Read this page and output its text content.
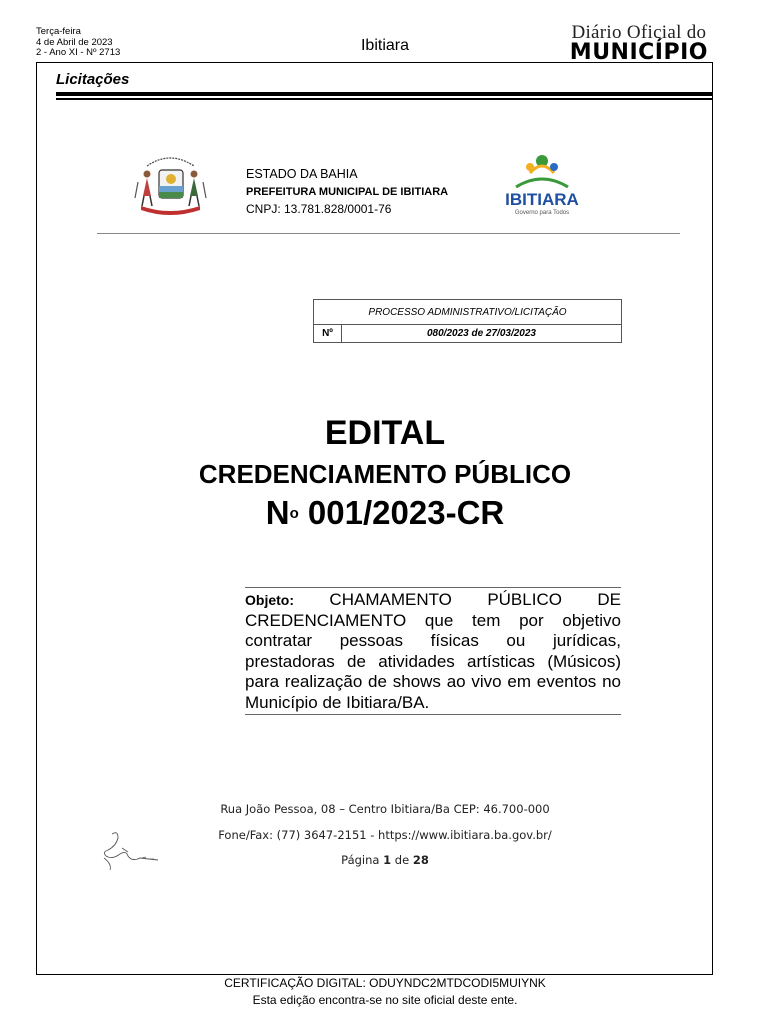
Terça-feira
4 de Abril de 2023
2 - Ano XI - Nº 2713	Ibitiara
Diário Oficial do
MUNICÍPIO
Licitações
ESTADO DA BAHIA
PREFEITURA MUNICIPAL DE IBITIARA
CNPJ: 13.781.828/0001-76	IBITIARA
Governo para Todos
PROCESSO ADMINISTRATIVO/LICITAÇÃO
Nº	080/2023 de 27/03/2023
EDITAL
CREDENCIAMENTO PÚBLICO
$N^o$ 001/2023-CR
Objeto: CHAMAMENTO PÚBLICO DE CREDENCIAMENTO que tem por objetivo contratar pessoas físicas ou jurídicas, prestadoras de atividades artísticas (Músicos) para realização de shows ao vivo em eventos no Município de Ibitiara/BA.
Rua João Pessoa, 08 – Centro Ibitiara/Ba CEP: 46.700-000
Fone/Fax: (77) 3647-2151 - https://www.ibitiara.ba.gov.br/
Página 1 de 28
CERTIFICAÇÃO DIGITAL: ODUYNDC2MTDCODI5MUIYNK
Esta edição encontra-se no site oficial deste ente.
